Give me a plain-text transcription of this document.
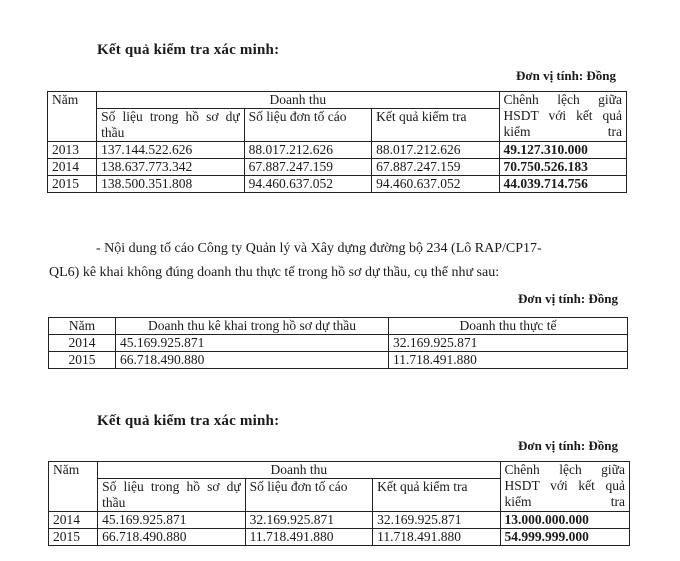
Kết quả kiểm tra xác minh:
Đơn vị tính: Đồng
Năm	Doanh thu			Chênh lệch giữa HSDT với kết quả kiểm tra
	Số liệu trong hồ sơ dự thầu	Số liệu đơn tố cáo	Kết quả kiểm tra	
2013	137.144.522.626	88.017.212.626	88.017.212.626	49.127.310.000
2014	138.637.773.342	67.887.247.159	67.887.247.159	70.750.526.183
2015	138.500.351.808	94.460.637.052	94.460.637.052	44.039.714.756
- Nội dung tố cáo Công ty Quản lý và Xây dựng đường bộ 234 (Lô RAP/CP17-
QL6) kê khai không đúng doanh thu thực tế trong hồ sơ dự thầu, cụ thể như sau:
Đơn vị tính: Đồng
Năm	Doanh thu kê khai trong hồ sơ dự thầu	Doanh thu thực tế
2014	45.169.925.871	32.169.925.871
2015	66.718.490.880	11.718.491.880
Kết quả kiểm tra xác minh:
Đơn vị tính: Đồng
Năm	Doanh thu			Chênh lệch giữa HSDT với kết quả kiểm tra
	Số liệu trong hồ sơ dự thầu	Số liệu đơn tố cáo	Kết quả kiểm tra	
2014	45.169.925.871	32.169.925.871	32.169.925.871	13.000.000.000
2015	66.718.490.880	11.718.491.880	11.718.491.880	54.999.999.000
